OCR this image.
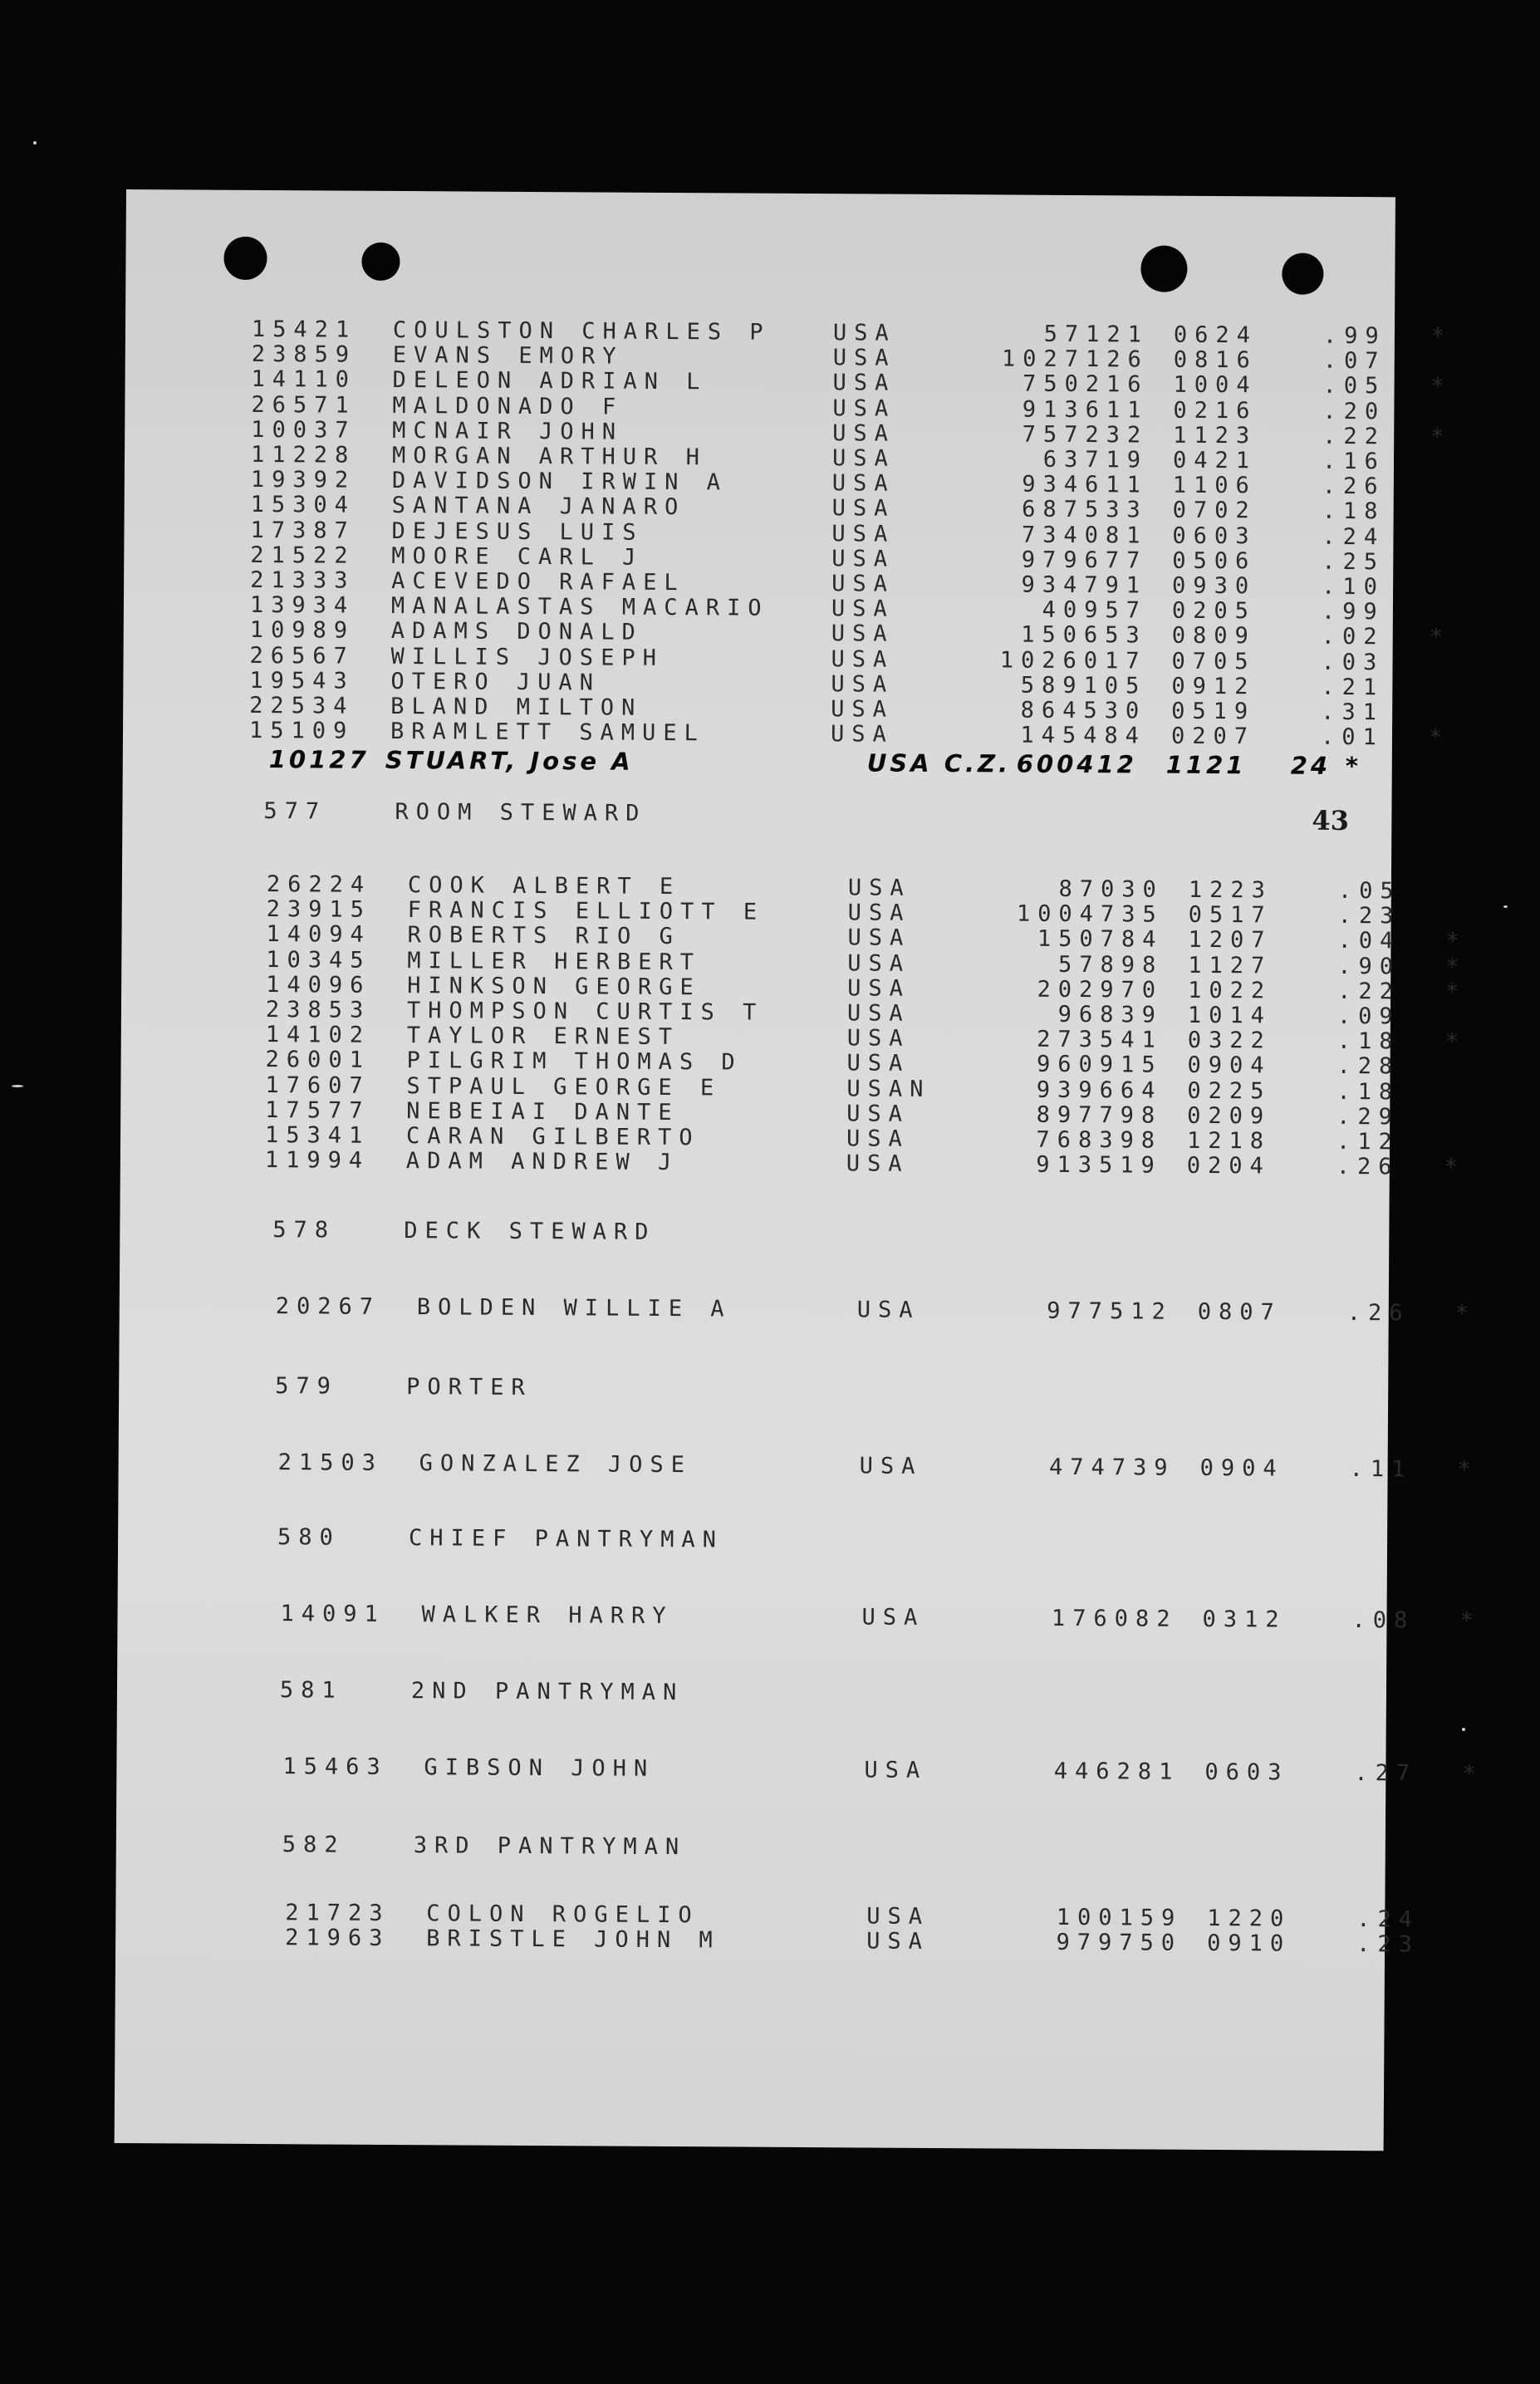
43
15421 COULSTON CHARLES P	USA	57121 0624	.99 *
23859 EVANS EMORY	USA	1027126 0816	.07
14110 DELEON ADRIAN L	USA	750216 1004	.05 *
26571 MALDONADO F	USA	913611 0216	.20
10037 MCNAIR JOHN	USA	757232 1123	.22 *
11228 MORGAN ARTHUR H	USA	63719 0421	.16
19392 DAVIDSON IRWIN A	USA	934611 1106	.26
15304 SANTANA JANARO	USA	687533 0702	.18
17387 DEJESUS LUIS	USA	734081 0603	.24
21522 MOORE CARL J	USA	979677 0506	.25
21333 ACEVEDO RAFAEL	USA	934791 0930	.10
13934 MANALASTAS MACARIO	USA	40957 0205	.99
10989 ADAMS DONALD	USA	150653 0809	.02 *
26567 WILLIS JOSEPH	USA	1026017 0705	.03
19543 OTERO JUAN	USA	589105 0912	.21
22534 BLAND MILTON	USA	864530 0519	.31
15109 BRAMLETT SAMUEL	USA	145484 0207	.01 *
10127 STUART, Jose A	USA C.Z. 600412 1121 24 *
577	ROOM STEWARD
26224 COOK ALBERT E	USA	87030 1223	.05
23915 FRANCIS ELLIOTT E	USA	1004735 0517	.23
14094 ROBERTS RIO G	USA	150784 1207	.04 *
10345 MILLER HERBERT	USA	57898 1127	.90 *
14096 HINKSON GEORGE	USA	202970 1022	.22 *
23853 THOMPSON CURTIS T	USA	96839 1014	.09
14102 TAYLOR ERNEST	USA	273541 0322	.18 *
26001 PILGRIM THOMAS D	USA	960915 0904	.28
17607 STPAUL GEORGE E	USAN	939664 0225	.18
17577 NEBEIAI DANTE	USA	897798 0209	.29
15341 CARAN GILBERTO	USA	768398 1218	.12
11994 ADAM ANDREW J	USA	913519 0204	.26 *
578	DECK STEWARD
20267 BOLDEN WILLIE A	USA	977512 0807	.26 *
579	PORTER
21503 GONZALEZ JOSE	USA	474739 0904	.11 *
580	CHIEF PANTRYMAN
14091 WALKER HARRY	USA	176082 0312	.08 *
581	2ND PANTRYMAN
15463 GIBSON JOHN	USA	446281 0603	.27 *
582	3RD PANTRYMAN
21723 COLON ROGELIO	USA	100159 1220	.24
21963 BRISTLE JOHN M	USA	979750 0910	.23
